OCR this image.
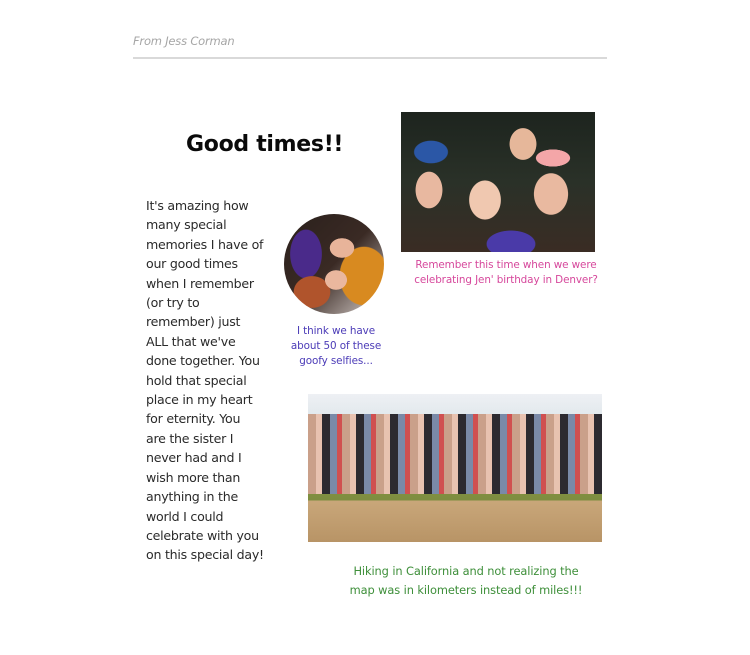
From Jess Corman
Good times!!
It's amazing how
many special
memories I have of
our good times
when I remember
(or try to
remember) just
ALL that we've
done together. You
hold that special
place in my heart
for eternity. You
are the sister I
never had and I
wish more than
anything in the
world I could
celebrate with you
on this special day!
Remember this time when we were
celebrating Jen' birthday in Denver?
I think we have
about 50 of these
goofy selfies...
Hiking in California and not realizing the
map was in kilometers instead of miles!!!
